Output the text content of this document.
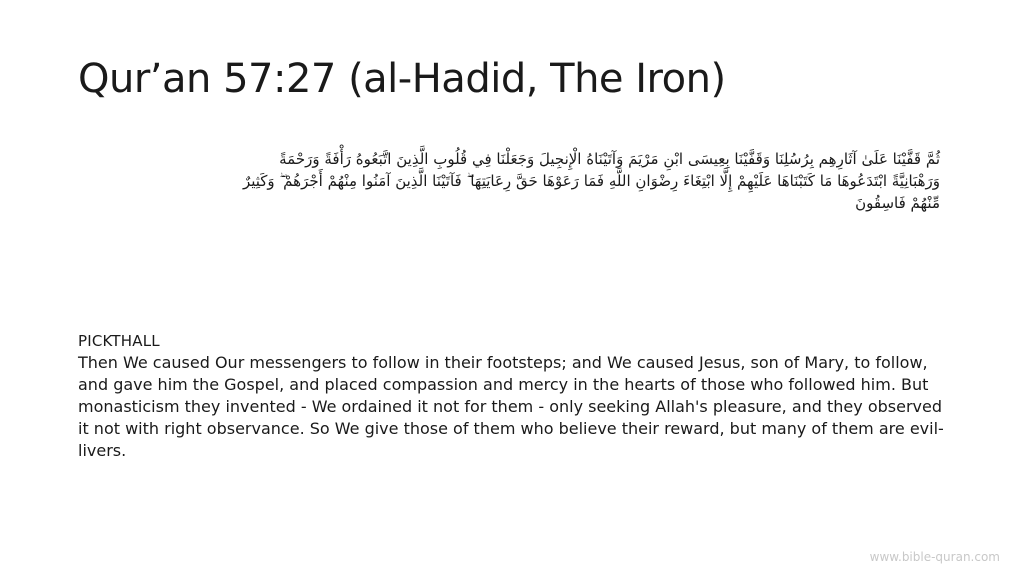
Qur’an 57:27 (al-Hadid, The Iron)
ثُمَّ قَفَّيْنَا عَلَىٰ آثَارِهِم بِرُسُلِنَا وَقَفَّيْنَا بِعِيسَى ابْنِ مَرْيَمَ وَآتَيْنَاهُ الْإِنجِيلَ وَجَعَلْنَا فِي قُلُوبِ الَّذِينَ اتَّبَعُوهُ رَأْفَةً وَرَحْمَةً وَرَهْبَانِيَّةً ابْتَدَعُوهَا مَا كَتَبْنَاهَا عَلَيْهِمْ إِلَّا ابْتِغَاءَ رِضْوَانِ اللَّهِ فَمَا رَعَوْهَا حَقَّ رِعَايَتِهَا ۖ فَآتَيْنَا الَّذِينَ آمَنُوا مِنْهُمْ أَجْرَهُمْ ۖ وَكَثِيرٌ مِّنْهُمْ فَاسِقُونَ
PICKTHALL
Then We caused Our messengers to follow in their footsteps; and We caused Jesus, son of Mary, to follow, and gave him the Gospel, and placed compassion and mercy in the hearts of those who followed him. But monasticism they invented - We ordained it not for them - only seeking Allah's pleasure, and they observed it not with right observance. So We give those of them who believe their reward, but many of them are evil-livers.
www.bible-quran.com
